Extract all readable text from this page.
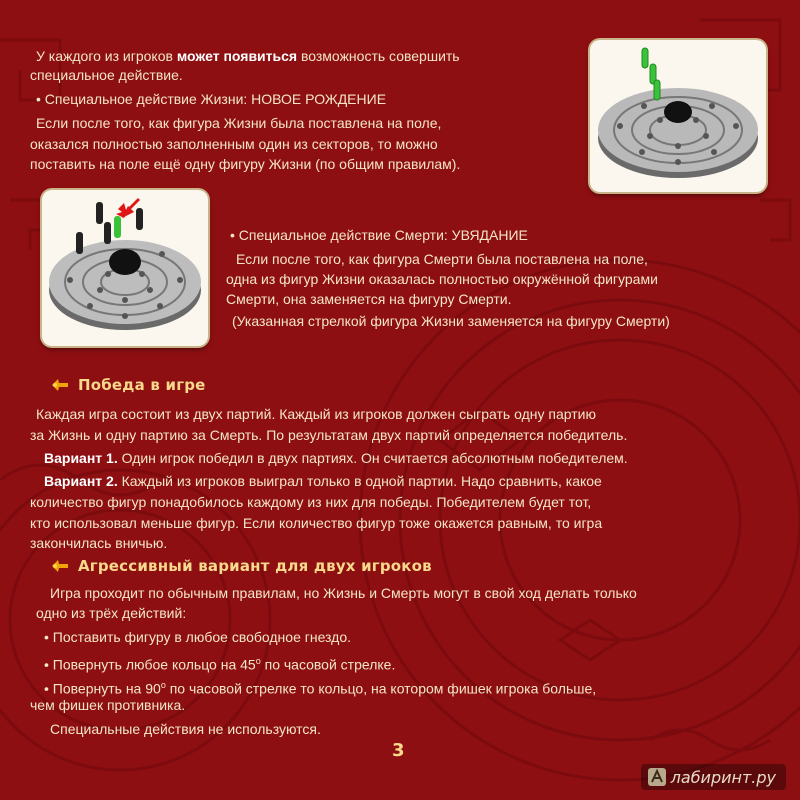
У каждого из игроков может появиться возможность совершить
специальное действие.
• Специальное действие Жизни: НОВОЕ РОЖДЕНИЕ
Если после того, как фигура Жизни была поставлена на поле,
оказался полностью заполненным один из секторов, то можно
поставить на поле ещё одну фигуру Жизни (по общим правилам).
• Специальное действие Смерти: УВЯДАНИЕ
Если после того, как фигура Смерти была поставлена на поле,
одна из фигур Жизни оказалась полностью окружённой фигурами
Смерти, она заменяется на фигуру Смерти.
(Указанная стрелкой фигура Жизни заменяется на фигуру Смерти)
Победа в игре
Каждая игра состоит из двух партий. Каждый из игроков должен сыграть одну партию
за Жизнь и одну партию за Смерть. По результатам двух партий определяется победитель.
Вариант 1. Один игрок победил в двух партиях. Он считается абсолютным победителем.
Вариант 2. Каждый из игроков выиграл только в одной партии. Надо сравнить, какое
количество фигур понадобилось каждому из них для победы. Победителем будет тот,
кто использовал меньше фигур. Если количество фигур тоже окажется равным, то игра
закончилась вничью.
Агрессивный вариант для двух игроков
Игра проходит по обычным правилам, но Жизнь и Смерть могут в свой ход делать только
одно из трёх действий:
• Поставить фигуру в любое свободное гнездо.
• Повернуть любое кольцо на $45^о$ по часовой стрелке.
• Повернуть на $90^о$ по часовой стрелке то кольцо, на котором фишек игрока больше,
чем фишек противника.
Специальные действия не используются.
3
лабиринт.ру
